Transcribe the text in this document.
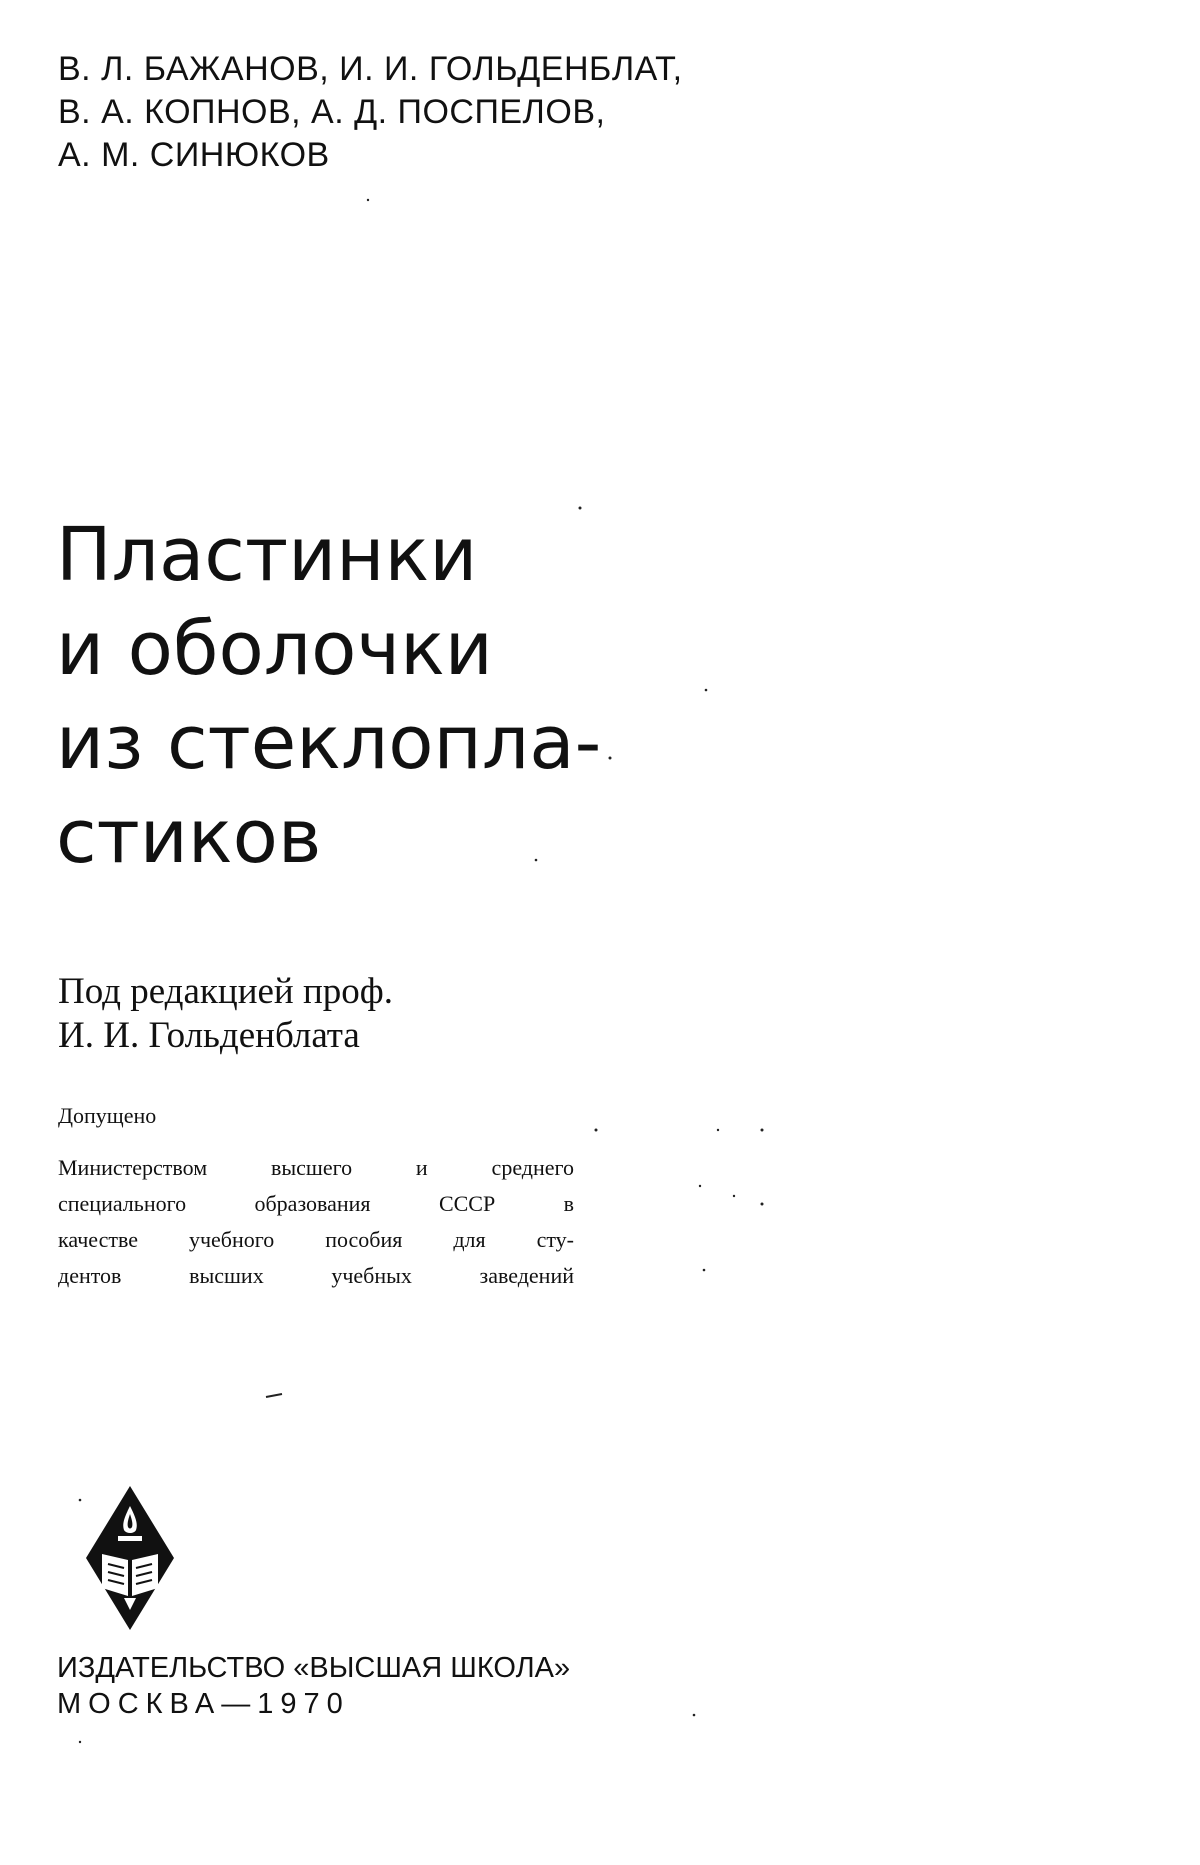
В. Л. БАЖАНОВ, И. И. ГОЛЬДЕНБЛАТ,
В. А. КОПНОВ, А. Д. ПОСПЕЛОВ,
А. М. СИНЮКОВ
Пластинки
и оболочки
из стеклопла-
стиков
Под редакцией проф.
И. И. Гольденблата
Допущено
Министерством высшего и среднего
специального образования СССР в
качестве учебного пособия для сту-
дентов высших учебных заведений
ИЗДАТЕЛЬСТВО «ВЫСШАЯ ШКОЛА»
МОСКВА—1970
